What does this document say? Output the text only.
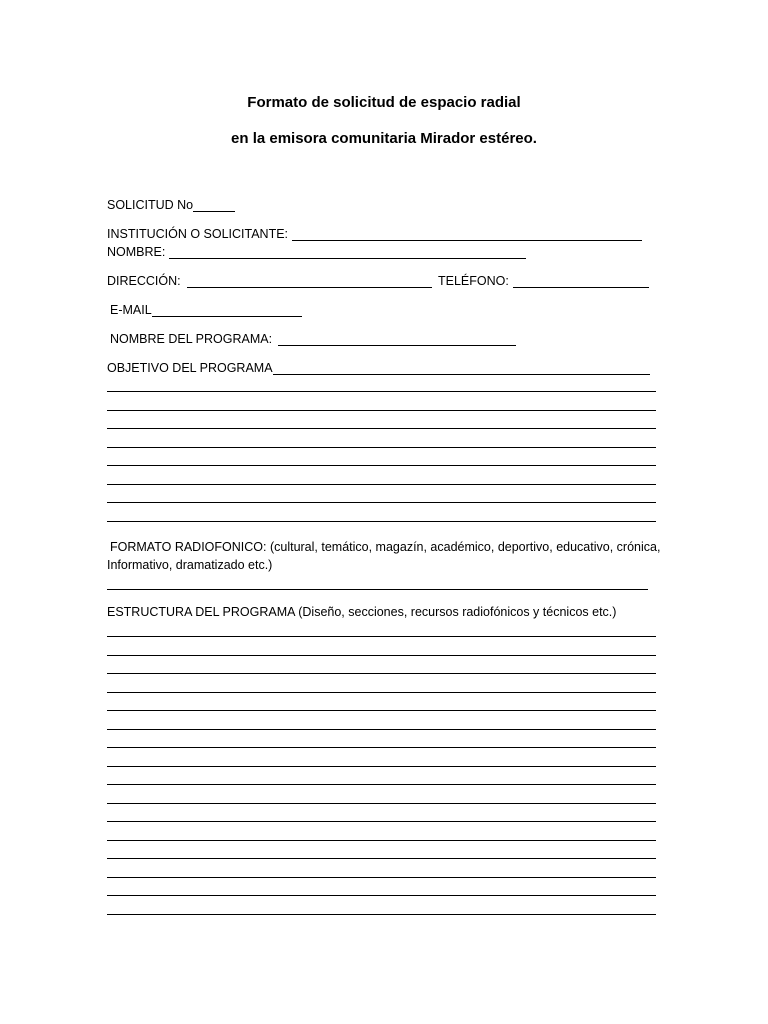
Formato de solicitud de espacio radial
en la emisora comunitaria Mirador estéreo.
SOLICITUD No
INSTITUCIÓN O SOLICITANTE:
NOMBRE:
DIRECCIÓN:	TELÉFONO:
E-MAIL
NOMBRE DEL PROGRAMA:
OBJETIVO DEL PROGRAMA
FORMATO RADIOFONICO: (cultural, temático, magazín, académico, deportivo, educativo, crónica,
Informativo, dramatizado etc.)
ESTRUCTURA DEL PROGRAMA (Diseño, secciones, recursos radiofónicos y técnicos etc.)
